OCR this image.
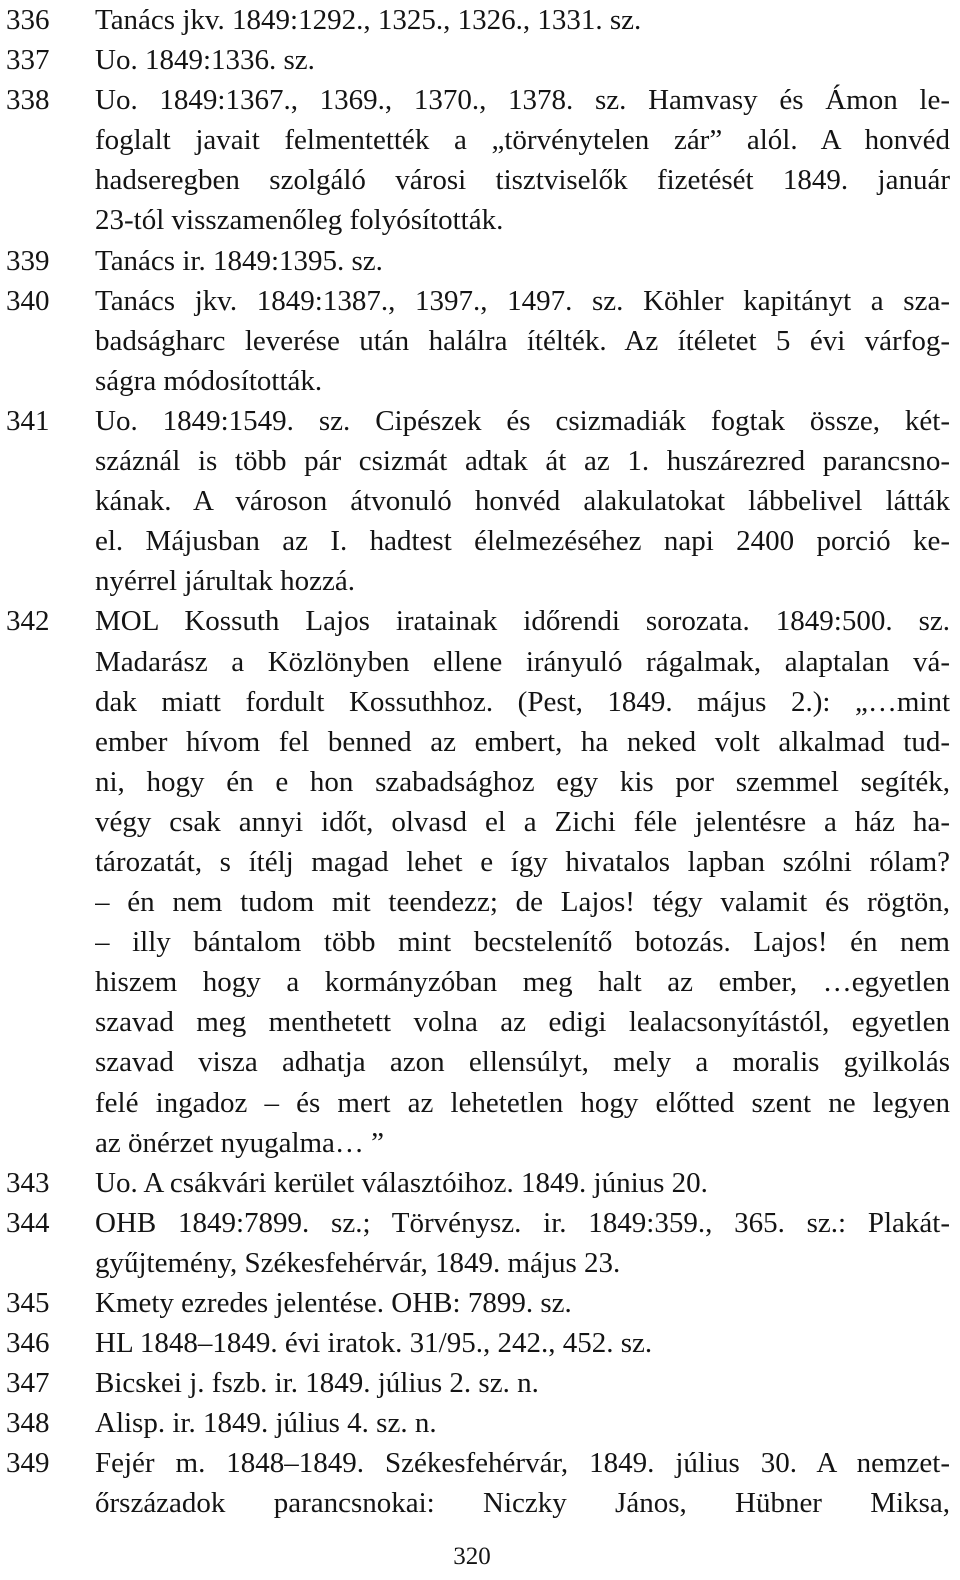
336	Tanács jkv. 1849:1292., 1325., 1326., 1331. sz.
337	Uo. 1849:1336. sz.
338	Uo. 1849:1367., 1369., 1370., 1378. sz. Hamvasy és Ámon le-
foglalt javait felmentették a „törvénytelen zár” alól. A honvéd
hadseregben szolgáló városi tisztviselők fizetését 1849. január
23-tól visszamenőleg folyósították.
339	Tanács ir. 1849:1395. sz.
340	Tanács jkv. 1849:1387., 1397., 1497. sz. Köhler kapitányt a sza-
badságharc leverése után halálra ítélték. Az ítéletet 5 évi várfog-
ságra módosították.
341	Uo. 1849:1549. sz. Cipészek és csizmadiák fogtak össze, két-
száznál is több pár csizmát adtak át az 1. huszárezred parancsno-
kának. A városon átvonuló honvéd alakulatokat lábbelivel látták
el. Májusban az I. hadtest élelmezéséhez napi 2400 porció ke-
nyérrel járultak hozzá.
342	MOL Kossuth Lajos iratainak időrendi sorozata. 1849:500. sz.
Madarász a Közlönyben ellene irányuló rágalmak, alaptalan vá-
dak miatt fordult Kossuthhoz. (Pest, 1849. május 2.): „…mint
ember hívom fel benned az embert, ha neked volt alkalmad tud-
ni, hogy én e hon szabadsághoz egy kis por szemmel segíték,
végy csak annyi időt, olvasd el a Zichi féle jelentésre a ház ha-
tározatát, s ítélj magad lehet e így hivatalos lapban szólni rólam?
– én nem tudom mit teendezz; de Lajos! tégy valamit és rögtön,
– illy bántalom több mint becstelenítő botozás. Lajos! én nem
hiszem hogy a kormányzóban meg halt az ember, …egyetlen
szavad meg menthetett volna az edigi lealacsonyítástól, egyetlen
szavad visza adhatja azon ellensúlyt, mely a moralis gyilkolás
felé ingadoz – és mert az lehetetlen hogy előtted szent ne legyen
az önérzet nyugalma… ”
343	Uo. A csákvári kerület választóihoz. 1849. június 20.
344	OHB 1849:7899. sz.; Törvénysz. ir. 1849:359., 365. sz.: Plakát-
gyűjtemény, Székesfehérvár, 1849. május 23.
345	Kmety ezredes jelentése. OHB: 7899. sz.
346	HL 1848–1849. évi iratok. 31/95., 242., 452. sz.
347	Bicskei j. fszb. ir. 1849. július 2. sz. n.
348	Alisp. ir. 1849. július 4. sz. n.
349	Fejér m. 1848–1849. Székesfehérvár, 1849. július 30. A nemzet-
őrszázadok parancsnokai: Niczky János, Hübner Miksa,
320
